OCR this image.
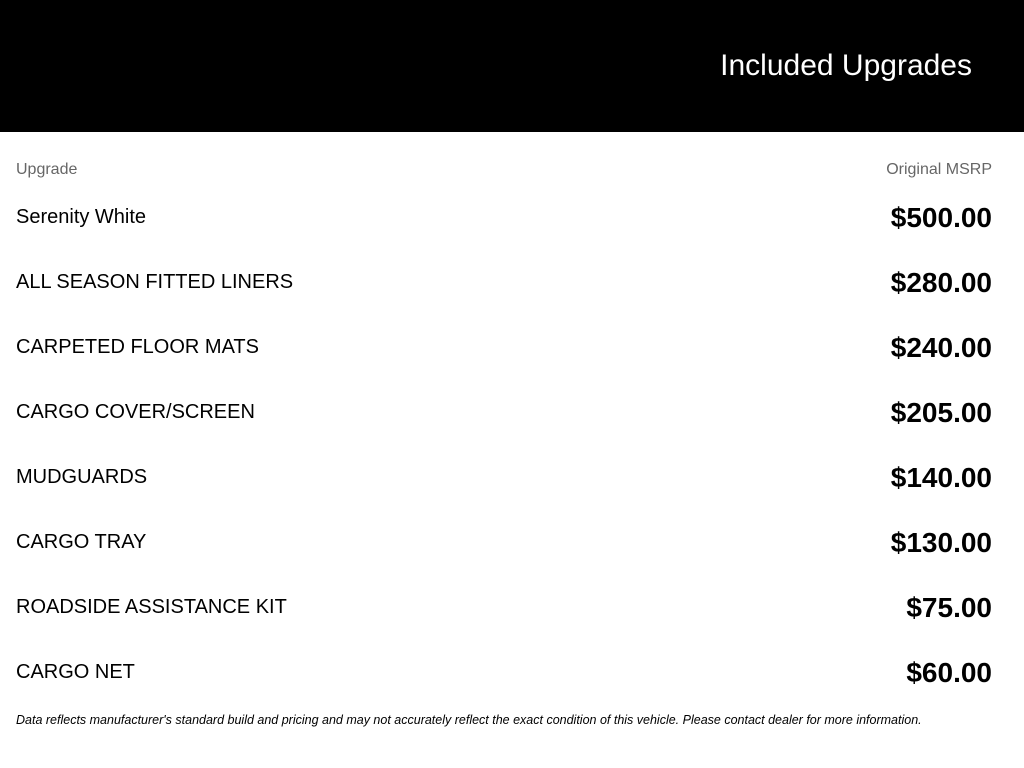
Included Upgrades
Upgrade	Original MSRP
Serenity White	$500.00
ALL SEASON FITTED LINERS	$280.00
CARPETED FLOOR MATS	$240.00
CARGO COVER/SCREEN	$205.00
MUDGUARDS	$140.00
CARGO TRAY	$130.00
ROADSIDE ASSISTANCE KIT	$75.00
CARGO NET	$60.00

Data reflects manufacturer's standard build and pricing and may not accurately reflect the exact condition of this vehicle. Please contact dealer for more information.
